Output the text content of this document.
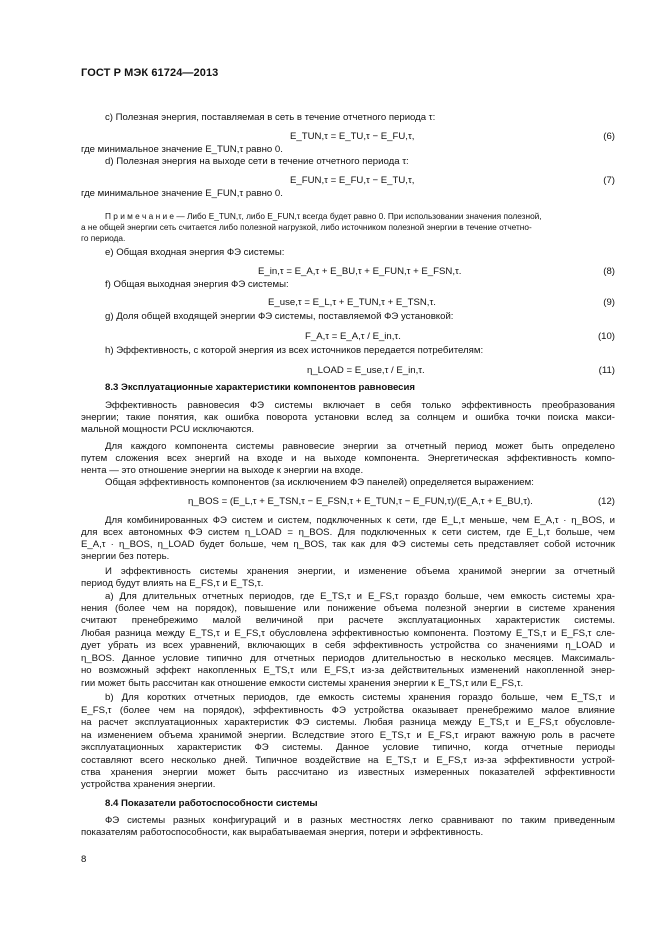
ГОСТ Р МЭК 61724—2013
c) Полезная энергия, поставляемая в сеть в течение отчетного периода τ:
E_TUN,τ = E_TU,τ − E_FU,τ,	(6)
где минимальное значение E_TUN,τ равно 0.
d) Полезная энергия на выходе сети в течение отчетного периода τ:
E_FUN,τ = E_FU,τ − E_TU,τ,	(7)
где минимальное значение E_FUN,τ равно 0.
П р и м е ч а н и е — Либо E_TUN,τ, либо E_FUN,τ всегда будет равно 0. При использовании значения полезной,
а не общей энергии сеть считается либо полезной нагрузкой, либо источником полезной энергии в течение отчетно-
го периода.
e) Общая входная энергия ФЭ системы:
E_in,τ = E_A,τ + E_BU,τ + E_FUN,τ + E_FSN,τ.	(8)
f) Общая выходная энергия ФЭ системы:
E_use,τ = E_L,τ + E_TUN,τ + E_TSN,τ.	(9)
g) Доля общей входящей энергии ФЭ системы, поставляемой ФЭ установкой:
F_A,τ = E_A,τ / E_in,τ.	(10)
h) Эффективность, с которой энергия из всех источников передается потребителям:
η_LOAD = E_use,τ / E_in,τ.	(11)
8.3 Эксплуатационные характеристики компонентов равновесия
Эффективность равновесия ФЭ системы включает в себя только эффективность преобразования
энергии; такие понятия, как ошибка поворота установки вслед за солнцем и ошибка точки поиска макси-
мальной мощности PCU исключаются.
Для каждого компонента системы равновесие энергии за отчетный период может быть определено
путем сложения всех энергий на входе и на выходе компонента. Энергетическая эффективность компо-
нента — это отношение энергии на выходе к энергии на входе.
Общая эффективность компонентов (за исключением ФЭ панелей) определяется выражением:
η_BOS = (E_L,τ + E_TSN,τ − E_FSN,τ + E_TUN,τ − E_FUN,τ)/(E_A,τ + E_BU,τ).	(12)
Для комбинированных ФЭ систем и систем, подключенных к сети, где E_L,τ меньше, чем E_A,τ · η_BOS, и
для всех автономных ФЭ систем η_LOAD = η_BOS. Для подключенных к сети систем, где E_L,τ больше, чем
E_A,τ · η_BOS, η_LOAD будет больше, чем η_BOS, так как для ФЭ системы сеть представляет собой источник
энергии без потерь.
И эффективность системы хранения энергии, и изменение объема хранимой энергии за отчетный
период будут влиять на E_FS,τ и E_TS,τ.
а) Для длительных отчетных периодов, где E_TS,τ и E_FS,τ гораздо больше, чем емкость системы хра-
нения (более чем на порядок), повышение или понижение объема полезной энергии в системе хранения
считают пренебрежимо малой величиной при расчете эксплуатационных характеристик системы.
Любая разница между E_TS,τ и E_FS,τ обусловлена эффективностью компонента. Поэтому E_TS,τ и E_FS,τ сле-
дует убрать из всех уравнений, включающих в себя эффективность устройства со значениями η_LOAD и
η_BOS. Данное условие типично для отчетных периодов длительностью в несколько месяцев. Максималь-
но возможный эффект накопленных E_TS,τ или E_FS,τ из-за действительных изменений накопленной энер-
гии может быть рассчитан как отношение емкости системы хранения энергии к E_TS,τ или E_FS,τ.
b) Для коротких отчетных периодов, где емкость системы хранения гораздо больше, чем E_TS,τ и
E_FS,τ (более чем на порядок), эффективность ФЭ устройства оказывает пренебрежимо малое влияние
на расчет эксплуатационных характеристик ФЭ системы. Любая разница между E_TS,τ и E_FS,τ обусловле-
на изменением объема хранимой энергии. Вследствие этого E_TS,τ и E_FS,τ играют важную роль в расчете
эксплуатационных характеристик ФЭ системы. Данное условие типично, когда отчетные периоды
составляют всего несколько дней. Типичное воздействие на E_TS,τ и E_FS,τ из-за эффективности устрой-
ства хранения энергии может быть рассчитано из известных измеренных показателей эффективности
устройства хранения энергии.
8.4 Показатели работоспособности системы
ФЭ системы разных конфигураций и в разных местностях легко сравнивают по таким приведенным
показателям работоспособности, как вырабатываемая энергия, потери и эффективность.
8
